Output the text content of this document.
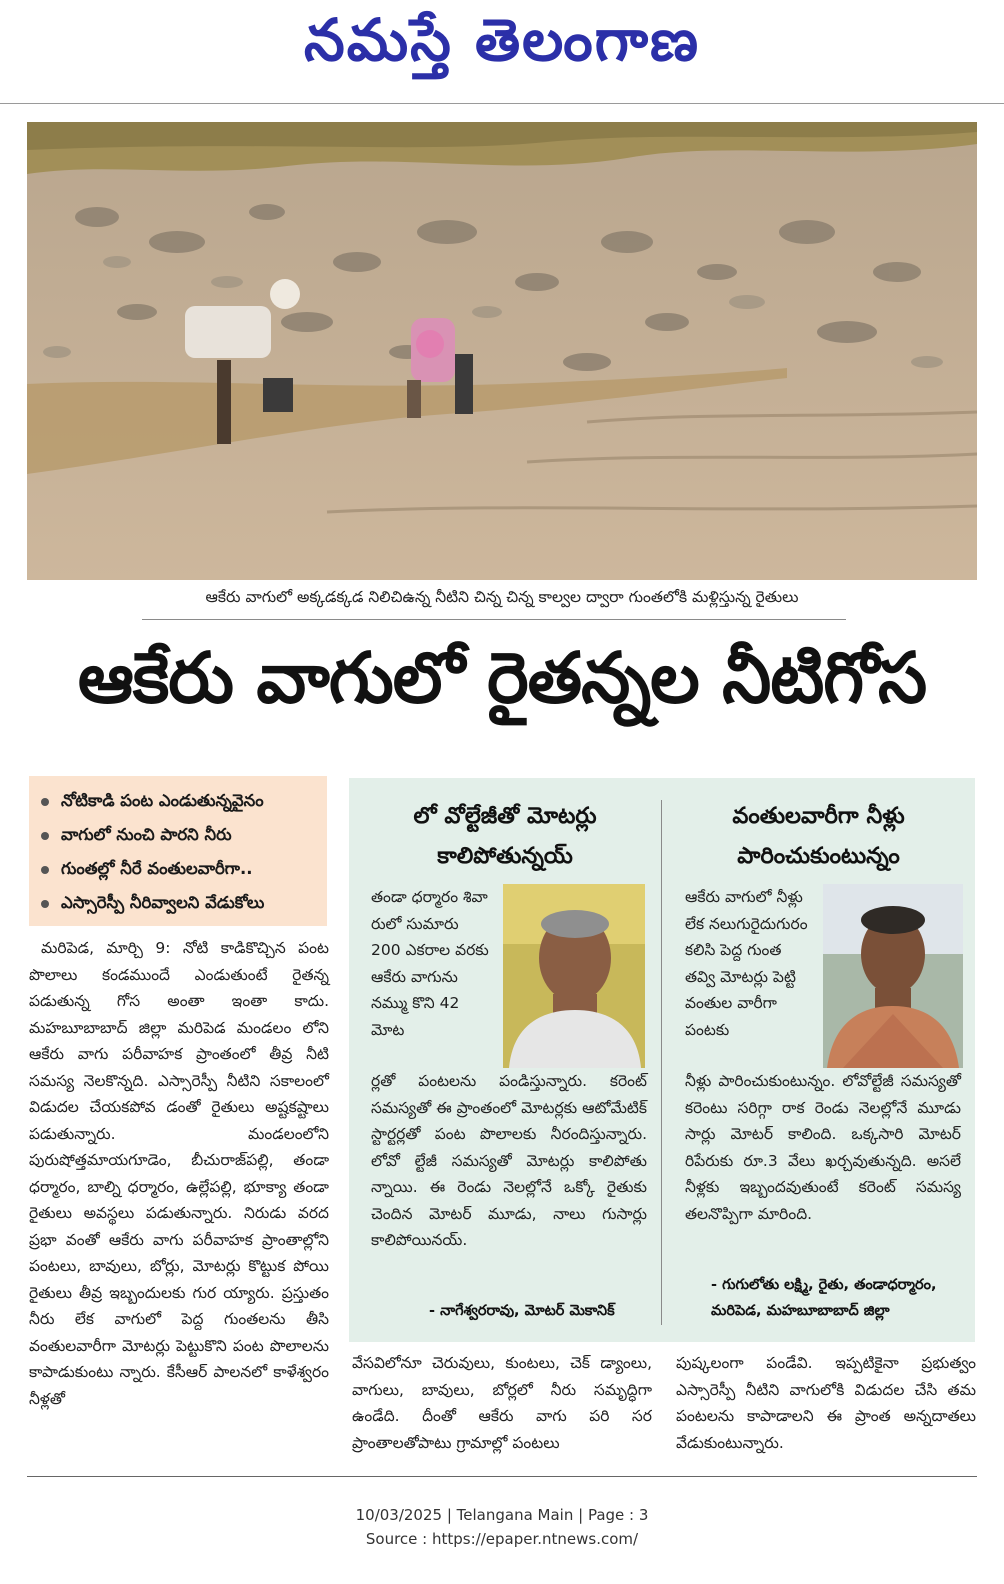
నమస్తే తెలంగాణ
ఆకేరు వాగులో అక్కడక్కడ నిలిచిఉన్న నీటిని చిన్న చిన్న కాల్వల ద్వారా గుంతలోకి మళ్లిస్తున్న రైతులు
ఆకేరు వాగులో రైతన్నల నీటిగోస
నోటికాడి పంట ఎండుతున్నవైనం
వాగులో నుంచి పారని నీరు
గుంతల్లో నీరే వంతులవారీగా..
ఎస్సారెస్పీ నీరివ్వాలని వేడుకోలు

మరిపెడ, మార్చి 9: నోటి కాడికొచ్చిన పంట పొలాలు కండముందే ఎండుతుంటే రైతన్న పడుతున్న గోస అంతా ఇంతా కాదు. మహబూబాబాద్ జిల్లా మరిపెడ మండలం లోని ఆకేరు వాగు పరీవాహక ప్రాంతంలో తీవ్ర నీటి సమస్య నెలకొన్నది. ఎస్సారెస్పీ నీటిని సకాలంలో విడుదల చేయకపోవ డంతో రైతులు అష్టకష్టాలు పడుతున్నారు. మండలంలోని పురుషోత్తమాయగూడెం, బీచురాజ్‌పల్లి, తండా ధర్మారం, బాల్ని ధర్మారం, ఉల్లేపల్లి, భూక్యా తండా రైతులు అవస్థలు పడుతున్నారు. నిరుడు వరద ప్రభా వంతో ఆకేరు వాగు పరీవాహక ప్రాంతాల్లోని పంటలు, బావులు, బోర్లు, మోటర్లు కొట్టుక పోయి రైతులు తీవ్ర ఇబ్బందులకు గుర య్యారు. ప్రస్తుతం నీరు లేక వాగులో పెద్ద గుంతలను తీసి వంతులవారీగా మోటర్లు పెట్టుకొని పంట పొలాలను కాపాడుకుంటు న్నారు. కేసీఆర్ పాలనలో కాళేశ్వరం నీళ్లతో

లో వోల్టేజీతో మోటర్లు
కాలిపోతున్నయ్
తండా ధర్మారం శివా రులో సుమారు 200 ఎకరాల వరకు ఆకేరు వాగును నమ్ము కొని 42 మోట
ర్లతో పంటలను పండిస్తున్నారు. కరెంట్ సమస్యతో ఈ ప్రాంతంలో మోటర్లకు ఆటోమేటిక్ స్టార్టర్లతో పంట పొలాలకు నీరందిస్తున్నారు. లోవో ల్టేజీ సమస్యతో మోటర్లు కాలిపోతు న్నాయి. ఈ రెండు నెలల్లోనే ఒక్కో రైతుకు చెందిన మోటర్ మూడు, నాలు గుసార్లు కాలిపోయినయ్.
- నాగేశ్వరరావు, మోటర్ మెకానిక్
వంతులవారీగా నీళ్లు
పారించుకుంటున్నం
ఆకేరు వాగులో నీళ్లు లేక నలుగురైదుగురం కలిసి పెద్ద గుంత తవ్వి మోటర్లు పెట్టి వంతుల వారీగా పంటకు
నీళ్లు పారించుకుంటున్నం. లోవోల్టేజీ సమస్యతో కరెంటు సరిగ్గా రాక రెండు నెలల్లోనే మూడు సార్లు మోటర్ కాలింది. ఒక్కసారి మోటర్ రిపేరుకు రూ.3 వేలు ఖర్చవుతున్నది. అసలే నీళ్లకు ఇబ్బందవుతుంటే కరెంట్ సమస్య తలనొప్పిగా మారింది.
- గుగులోతు లక్ష్మి, రైతు, తండాధర్మారం,
మరిపెడ, మహబూబాబాద్ జిల్లా
వేసవిలోనూ చెరువులు, కుంటలు, చెక్ డ్యాంలు, వాగులు, బావులు, బోర్లలో నీరు సమృద్ధిగా ఉండేది. దీంతో ఆకేరు వాగు పరి సర ప్రాంతాలతోపాటు గ్రామాల్లో పంటలు
పుష్కలంగా పండేవి. ఇప్పటికైనా ప్రభుత్వం ఎస్సారెస్పీ నీటిని వాగులోకి విడుదల చేసి తమ పంటలను కాపాడాలని ఈ ప్రాంత అన్నదాతలు వేడుకుంటున్నారు.
10/03/2025 | Telangana Main | Page : 3
Source : https://epaper.ntnews.com/
